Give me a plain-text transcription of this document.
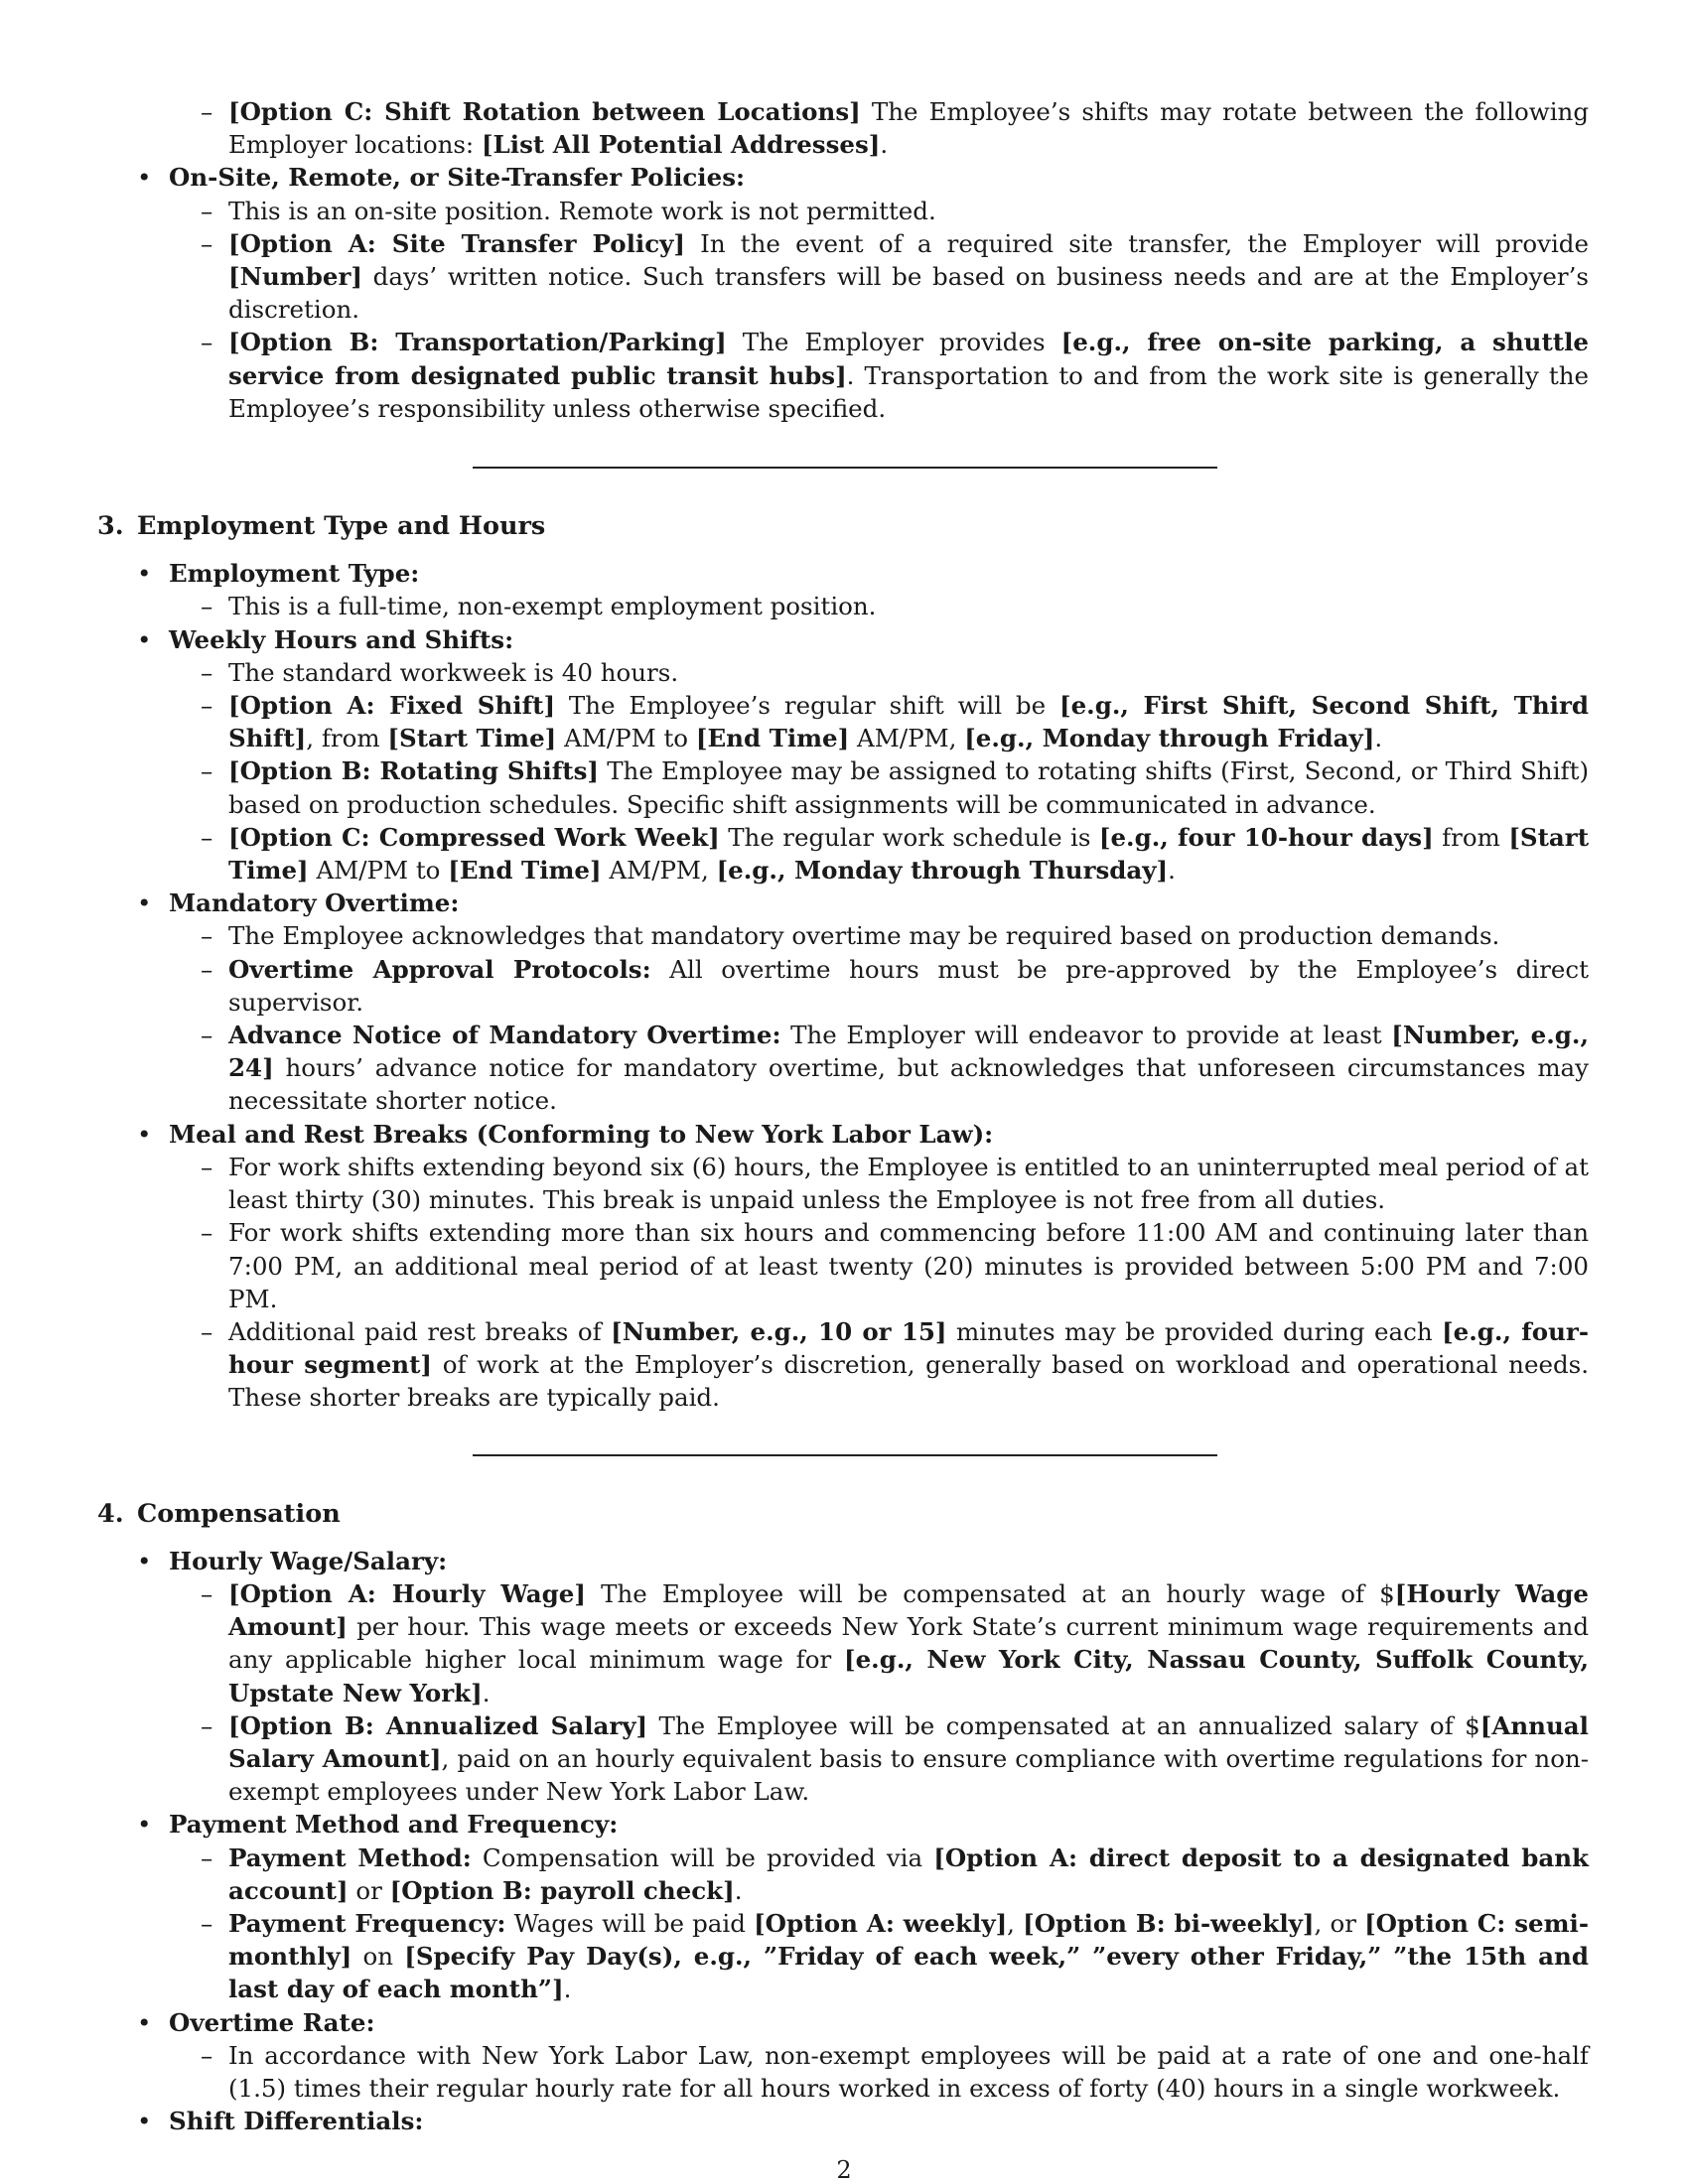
– [Option C: Shift Rotation between Locations] The Employee’s shifts may rotate between the following Employer locations: [List All Potential Addresses].
• On-Site, Remote, or Site-Transfer Policies:
– This is an on-site position. Remote work is not permitted.
– [Option A: Site Transfer Policy] In the event of a required site transfer, the Employer will provide [Number] days’ written notice. Such transfers will be based on business needs and are at the Employer’s discretion.
– [Option B: Transportation/Parking] The Employer provides [e.g., free on-site parking, a shuttle service from designated public transit hubs]. Transportation to and from the work site is generally the Employee’s responsibility unless otherwise specified.
3. Employment Type and Hours
• Employment Type:
– This is a full-time, non-exempt employment position.
• Weekly Hours and Shifts:
– The standard workweek is 40 hours.
– [Option A: Fixed Shift] The Employee’s regular shift will be [e.g., First Shift, Second Shift, Third Shift], from [Start Time] AM/PM to [End Time] AM/PM, [e.g., Monday through Friday].
– [Option B: Rotating Shifts] The Employee may be assigned to rotating shifts (First, Second, or Third Shift) based on production schedules. Specific shift assignments will be communicated in advance.
– [Option C: Compressed Work Week] The regular work schedule is [e.g., four 10-hour days] from [Start Time] AM/PM to [End Time] AM/PM, [e.g., Monday through Thursday].
• Mandatory Overtime:
– The Employee acknowledges that mandatory overtime may be required based on production demands.
– Overtime Approval Protocols: All overtime hours must be pre-approved by the Employee’s direct supervisor.
– Advance Notice of Mandatory Overtime: The Employer will endeavor to provide at least [Number, e.g., 24] hours’ advance notice for mandatory overtime, but acknowledges that unforeseen circumstances may necessitate shorter notice.
• Meal and Rest Breaks (Conforming to New York Labor Law):
– For work shifts extending beyond six (6) hours, the Employee is entitled to an uninterrupted meal period of at least thirty (30) minutes. This break is unpaid unless the Employee is not free from all duties.
– For work shifts extending more than six hours and commencing before 11:00 AM and continuing later than 7:00 PM, an additional meal period of at least twenty (20) minutes is provided between 5:00 PM and 7:00 PM.
– Additional paid rest breaks of [Number, e.g., 10 or 15] minutes may be provided during each [e.g., four-hour segment] of work at the Employer’s discretion, generally based on workload and operational needs. These shorter breaks are typically paid.
4. Compensation
• Hourly Wage/Salary:
– [Option A: Hourly Wage] The Employee will be compensated at an hourly wage of $[Hourly Wage Amount] per hour. This wage meets or exceeds New York State’s current minimum wage requirements and any applicable higher local minimum wage for [e.g., New York City, Nassau County, Suffolk County, Upstate New York].
– [Option B: Annualized Salary] The Employee will be compensated at an annualized salary of $[Annual Salary Amount], paid on an hourly equivalent basis to ensure compliance with overtime regulations for non-exempt employees under New York Labor Law.
• Payment Method and Frequency:
– Payment Method: Compensation will be provided via [Option A: direct deposit to a designated bank account] or [Option B: payroll check].
– Payment Frequency: Wages will be paid [Option A: weekly], [Option B: bi-weekly], or [Option C: semi-monthly] on [Specify Pay Day(s), e.g., ”Friday of each week,” ”every other Friday,” ”the 15th and last day of each month”].
• Overtime Rate:
– In accordance with New York Labor Law, non-exempt employees will be paid at a rate of one and one-half (1.5) times their regular hourly rate for all hours worked in excess of forty (40) hours in a single workweek.
• Shift Differentials:
2
